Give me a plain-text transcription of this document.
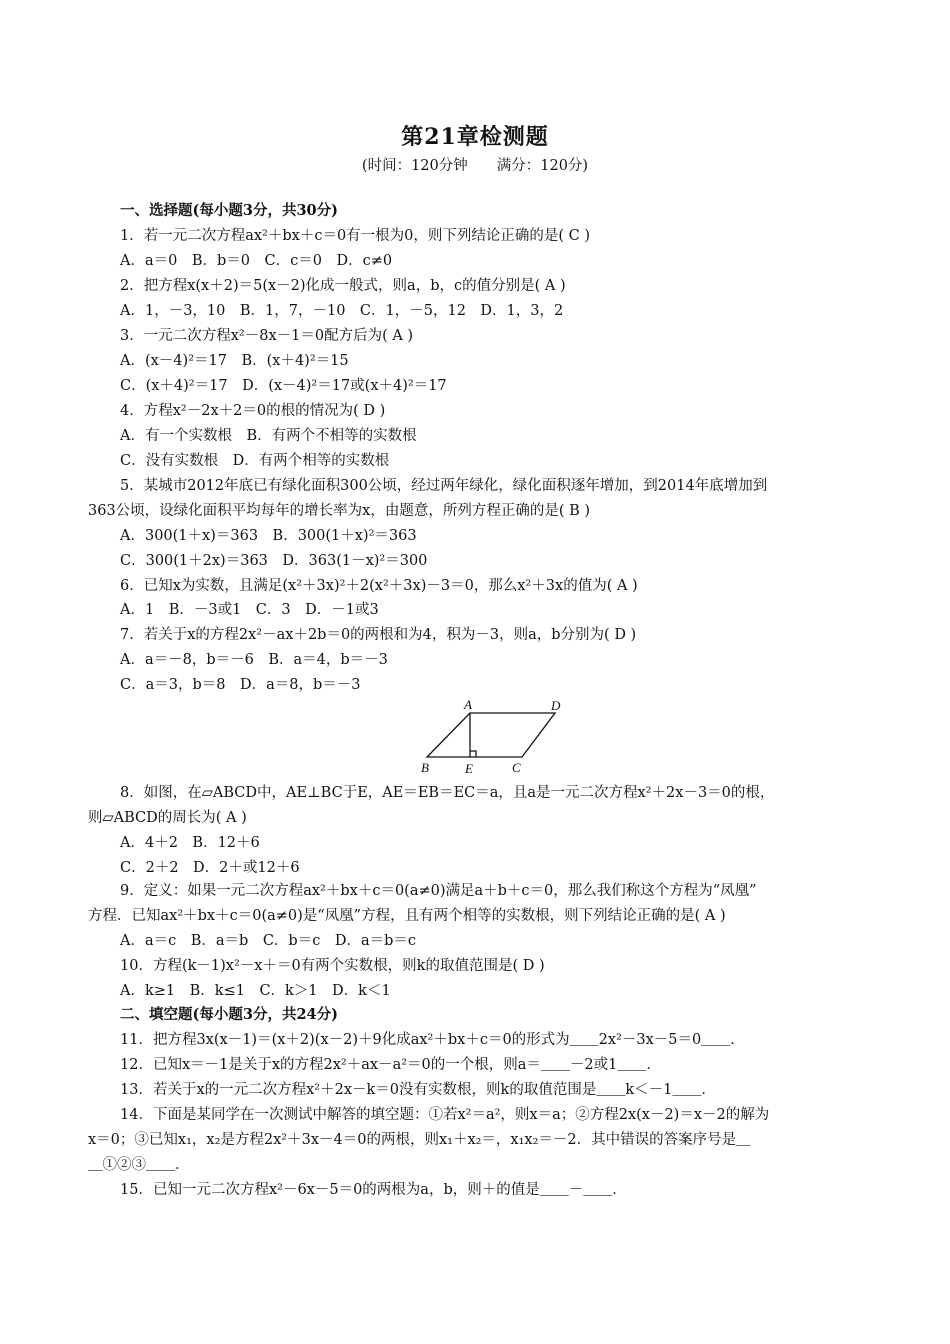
第21章检测题
(时间：120分钟　　满分：120分)
一、选择题(每小题3分，共30分)
1．若一元二次方程ax²＋bx＋c＝0有一根为0，则下列结论正确的是( C )
A．a＝0　B．b＝0　C．c＝0　D．c≠0
2．把方程x(x＋2)＝5(x－2)化成一般式，则a，b，c的值分别是( A )
A．1，－3，10　B．1，7，－10　C．1，－5，12　D．1，3，2
3．一元二次方程x²－8x－1＝0配方后为( A )
A．(x－4)²＝17　B．(x＋4)²＝15
C．(x＋4)²＝17　D．(x－4)²＝17或(x＋4)²＝17
4．方程x²－2x＋2＝0的根的情况为( D )
A．有一个实数根　B．有两个不相等的实数根
C．没有实数根　D．有两个相等的实数根
5．某城市2012年底已有绿化面积300公顷，经过两年绿化，绿化面积逐年增加，到2014年底增加到
363公顷，设绿化面积平均每年的增长率为x，由题意，所列方程正确的是( B )
A．300(1＋x)＝363　B．300(1＋x)²＝363
C．300(1＋2x)＝363　D．363(1－x)²＝300
6．已知x为实数，且满足(x²＋3x)²＋2(x²＋3x)－3＝0，那么x²＋3x的值为( A )
A．1　B．－3或1　C．3　D．－1或3
7．若关于x的方程2x²－ax＋2b＝0的两根和为4，积为－3，则a，b分别为( D )
A．a＝－8，b＝－6　B．a＝4，b＝－3
C．a＝3，b＝8　D．a＝8，b＝－3
A	D
B	E	C
8．如图，在▱ABCD中，AE⊥BC于E，AE＝EB＝EC＝a，且a是一元二次方程x²＋2x－3＝0的根，
则▱ABCD的周长为( A )
A．4＋2　B．12＋6
C．2＋2　D．2＋或12＋6
9．定义：如果一元二次方程ax²＋bx＋c＝0(a≠0)满足a＋b＋c＝0，那么我们称这个方程为“凤凰”
方程．已知ax²＋bx＋c＝0(a≠0)是“凤凰”方程，且有两个相等的实数根，则下列结论正确的是( A )
A．a＝c　B．a＝b　C．b＝c　D．a＝b＝c
10．方程(k－1)x²－x＋＝0有两个实数根，则k的取值范围是( D )
A．k≥1　B．k≤1　C．k＞1　D．k＜1
二、填空题(每小题3分，共24分)
11．把方程3x(x－1)＝(x＋2)(x－2)＋9化成ax²＋bx＋c＝0的形式为＿＿2x²－3x－5＝0＿＿．
12．已知x＝－1是关于x的方程2x²＋ax－a²＝0的一个根，则a＝＿＿－2或1＿＿．
13．若关于x的一元二次方程x²＋2x－k＝0没有实数根，则k的取值范围是＿＿k＜－1＿＿．
14．下面是某同学在一次测试中解答的填空题：①若x²＝a²，则x＝a；②方程2x(x－2)＝x－2的解为
x＝0；③已知x₁，x₂是方程2x²＋3x－4＝0的两根，则x₁＋x₂＝，x₁x₂＝－2．其中错误的答案序号是＿
＿①②③＿＿．
15．已知一元二次方程x²－6x－5＝0的两根为a，b，则＋的值是＿＿－＿＿．
